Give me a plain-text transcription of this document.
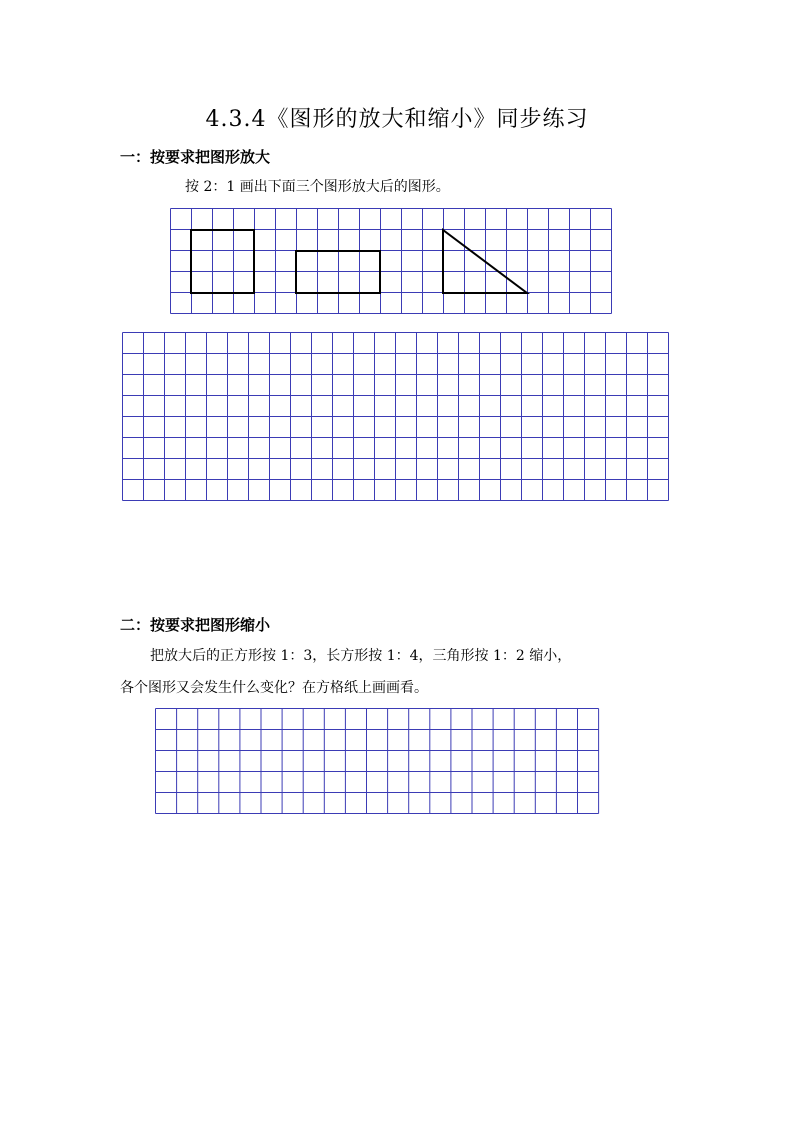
4.3.4《图形的放大和缩小》同步练习
一：按要求把图形放大
按 2：1 画出下面三个图形放大后的图形。
二：按要求把图形缩小
把放大后的正方形按 1：3，长方形按 1：4，三角形按 1：2 缩小，
各个图形又会发生什么变化？在方格纸上画画看。
